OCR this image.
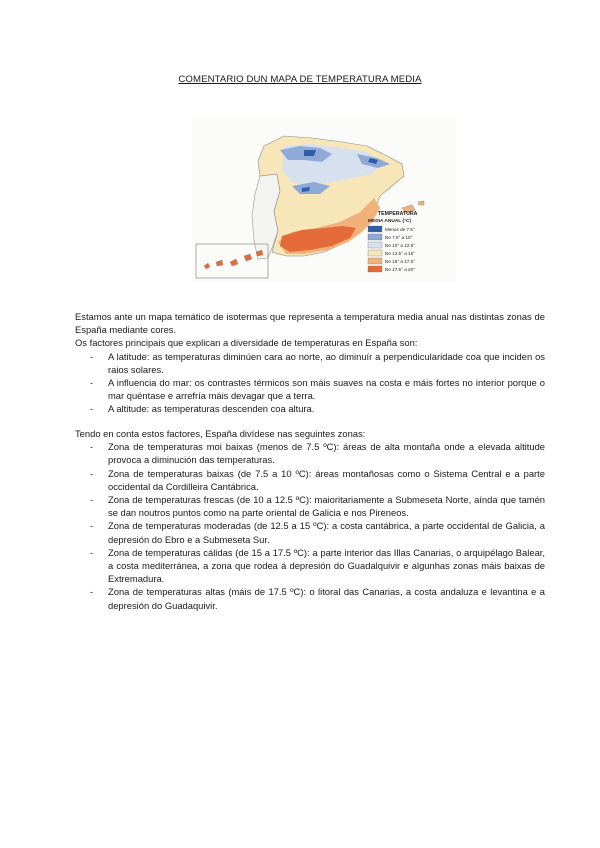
COMENTARIO DUN MAPA DE TEMPERATURA MEDIA
TEMPERATURA
MEDIA ANUAL (°C)
Menos de 7.5°
De 7.5° a 10°
De 10° a 12.5°
De 12.5° a 15°
De 15° a 17.5°
De 17.5° a 20°

Estamos ante un mapa temático de isotermas que representa a temperatura media anual nas distintas zonas de España mediante cores.

Os factores principais que explican a diversidade de temperaturas en España son:

- A latitude: as temperaturas diminúen cara ao norte, ao diminuír a perpendicularidade coa que inciden os raios solares.
- A influencia do mar: os contrastes térmicos son máis suaves na costa e máis fortes no interior porque o mar quéntase e arrefría máis devagar que a terra.
- A altitude: as temperaturas descenden coa altura.

Tendo en conta estos factores, España divídese nas seguintes zonas:

- Zona de temperaturas moi baixas (menos de 7.5 ºC): áreas de alta montaña onde a elevada altitude provoca a diminución das temperaturas.
- Zona de temperaturas baixas (de 7.5 a 10 ºC): áreas montañosas como o Sistema Central e a parte occidental da Cordilleira Cantábrica.
- Zona de temperaturas frescas (de 10 a 12.5 ºC): maioritariamente a Submeseta Norte, aínda que tamén se dan noutros puntos como na parte oriental de Galicia e nos Pireneos.
- Zona de temperaturas moderadas (de 12.5 a 15 ºC): a costa cantábrica, a parte occidental de Galicia, a depresión do Ebro e a Submeseta Sur.
- Zona de temperaturas cálidas (de 15 a 17.5 ºC): a parte interior das Illas Canarias, o arquipélago Balear, a costa mediterránea, a zona que rodea á depresión do Guadalquivir e algunhas zonas máis baixas de Extremadura.
- Zona de temperaturas altas (máis de 17.5 ºC): o litoral das Canarias, a costa andaluza e levantina e a depresión do Guadaquivir.
